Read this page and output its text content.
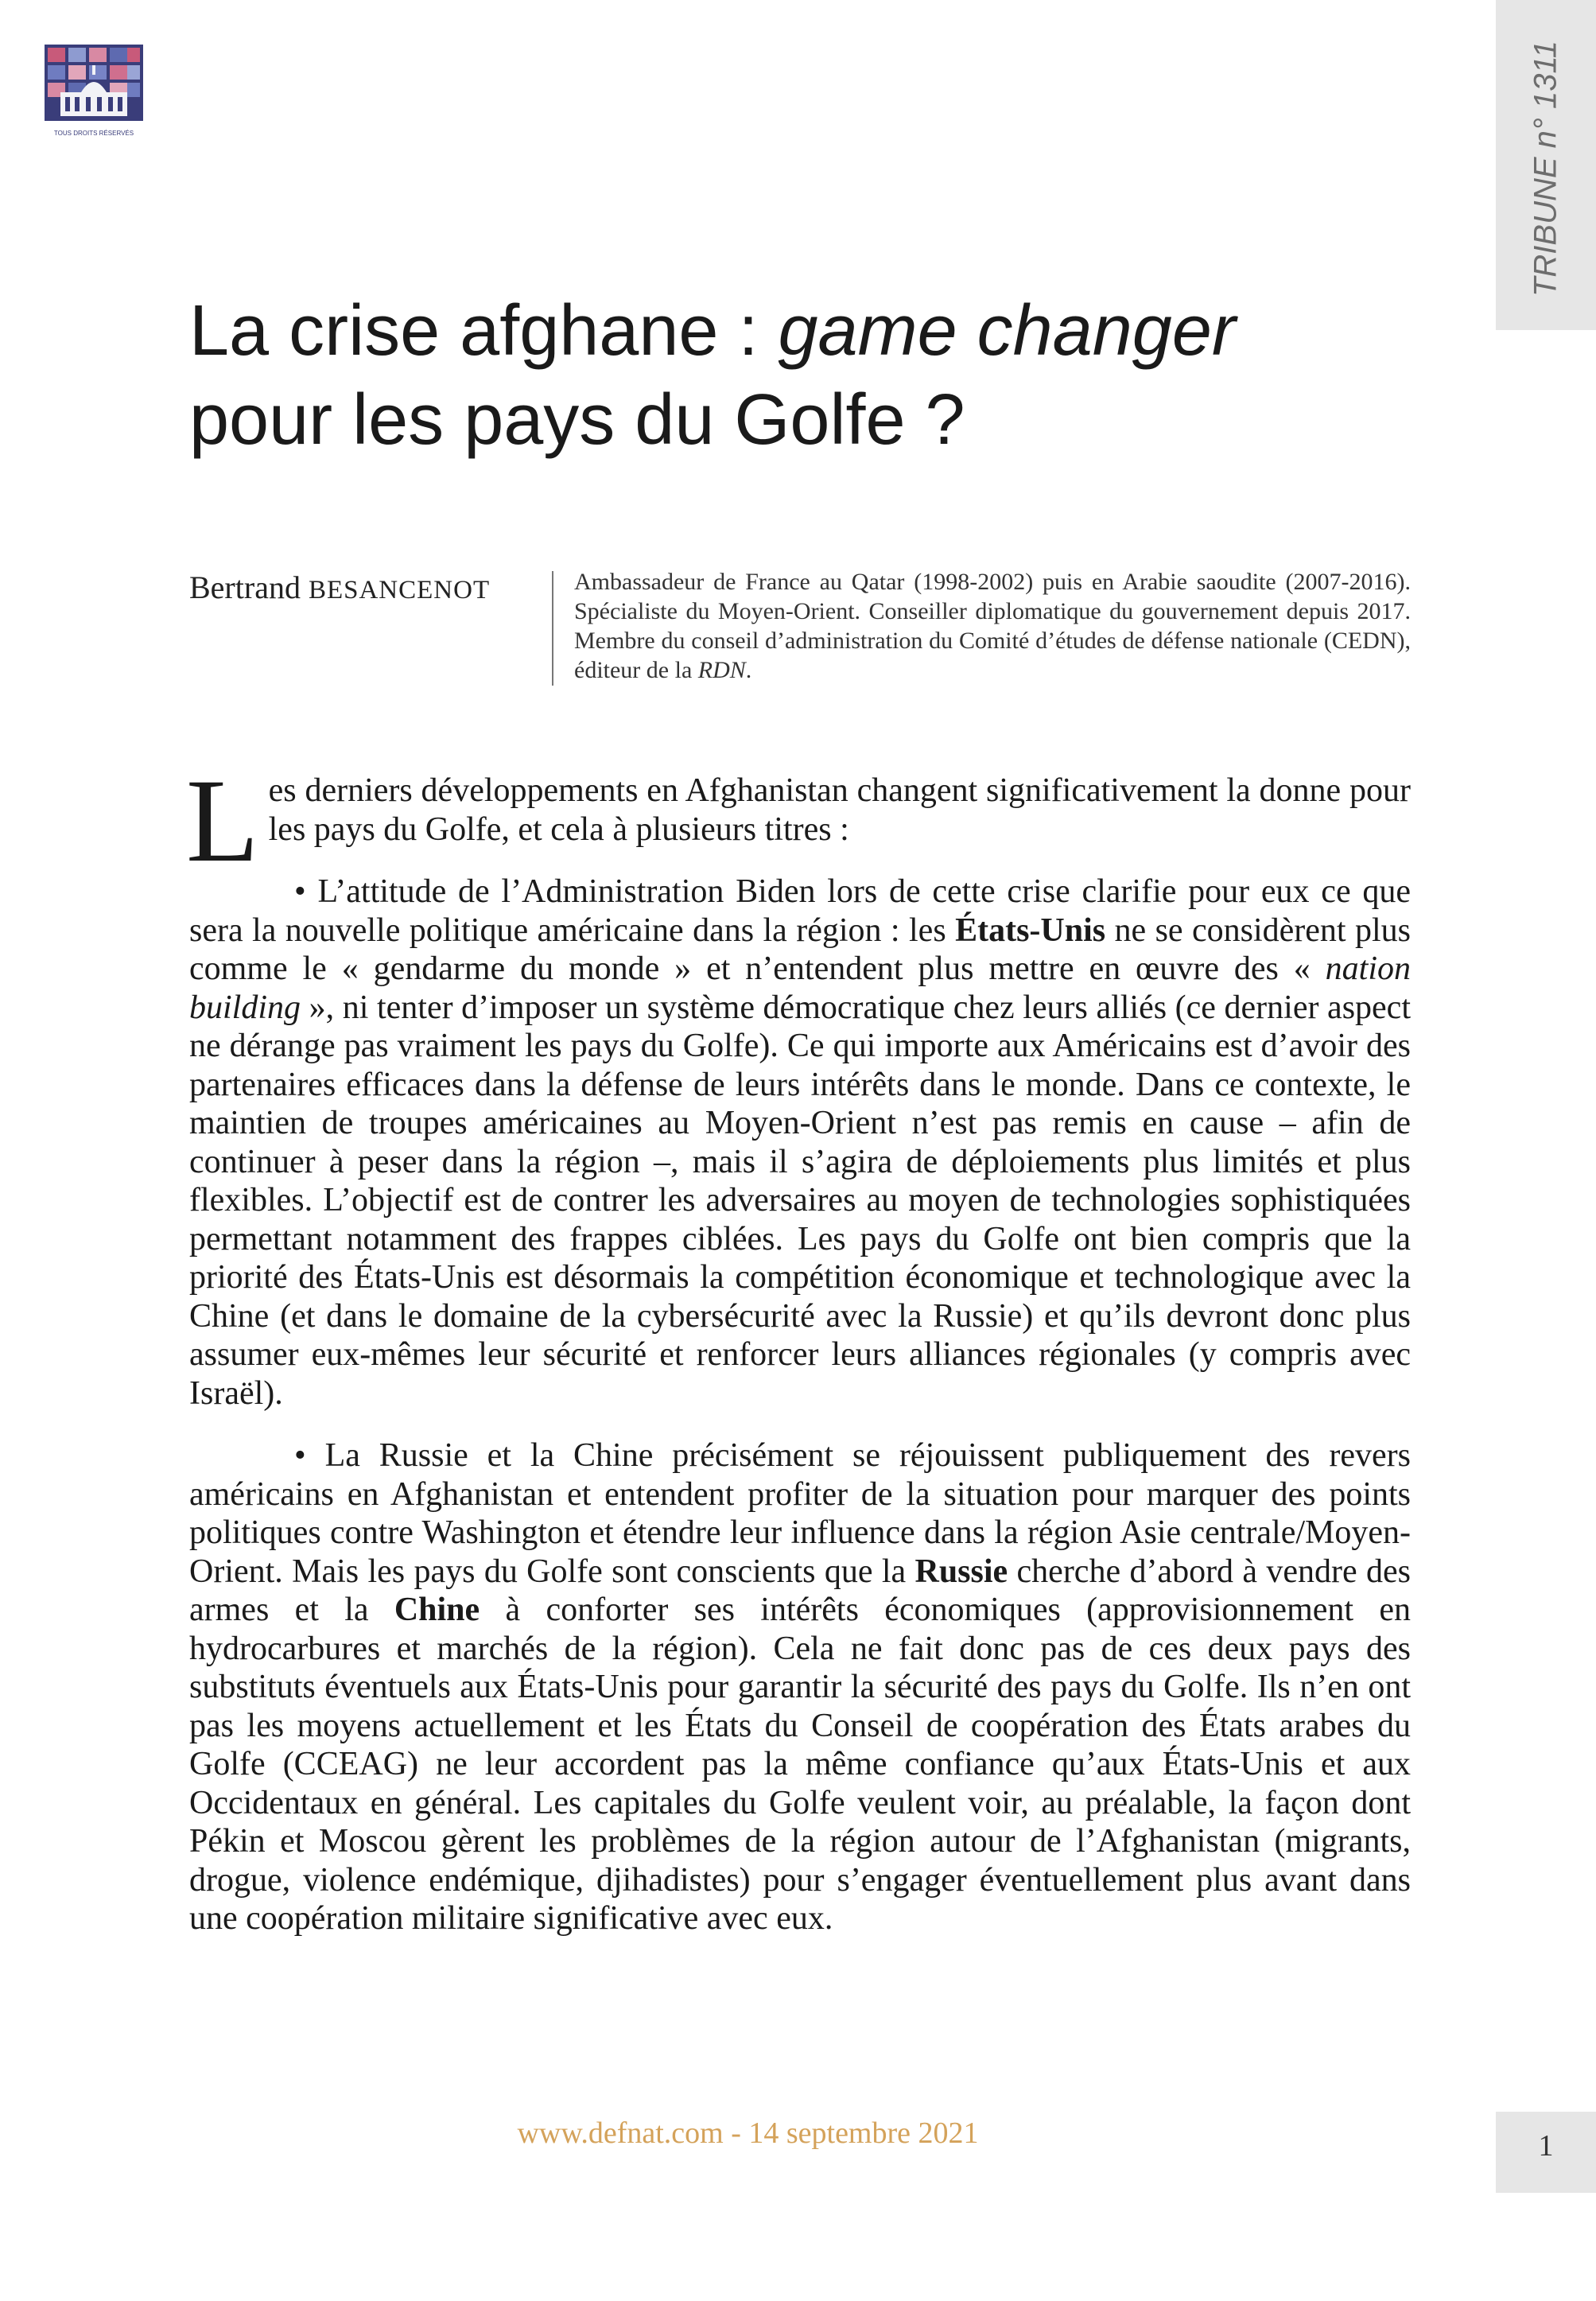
TOUS DROITS RÉSERVÉS	TRIBUNE n° 1311
La crise afghane : game changer
pour les pays du Golfe ?
Bertrand BESANCENOT	Ambassadeur de France au Qatar (1998-2002) puis en Arabie saoudite (2007-2016). Spécialiste du Moyen-Orient. Conseiller diplomatique du gouvernement depuis 2017. Membre du conseil d’administration du Comité d’études de défense nationale (CEDN), éditeur de la RDN.

Les derniers développements en Afghanistan changent significativement la donne pour les pays du Golfe, et cela à plusieurs titres :

• L’attitude de l’Administration Biden lors de cette crise clarifie pour eux ce que sera la nouvelle politique américaine dans la région : les États-Unis ne se considèrent plus comme le « gendarme du monde » et n’entendent plus mettre en œuvre des « nation building », ni tenter d’imposer un système démocratique chez leurs alliés (ce dernier aspect ne dérange pas vraiment les pays du Golfe). Ce qui importe aux Américains est d’avoir des partenaires efficaces dans la défense de leurs intérêts dans le monde. Dans ce contexte, le maintien de troupes américaines au Moyen-Orient n’est pas remis en cause – afin de continuer à peser dans la région –, mais il s’agira de déploiements plus limités et plus flexibles. L’objectif est de contrer les adversaires au moyen de technologies sophistiquées permettant notamment des frappes ciblées. Les pays du Golfe ont bien compris que la priorité des États-Unis est désormais la compétition économique et technologique avec la Chine (et dans le domaine de la cybersécurité avec la Russie) et qu’ils devront donc plus assumer eux-mêmes leur sécurité et renforcer leurs alliances régionales (y compris avec Israël).

• La Russie et la Chine précisément se réjouissent publiquement des revers américains en Afghanistan et entendent profiter de la situation pour marquer des points politiques contre Washington et étendre leur influence dans la région Asie centrale/Moyen-Orient. Mais les pays du Golfe sont conscients que la Russie cherche d’abord à vendre des armes et la Chine à conforter ses intérêts économiques (approvisionnement en hydrocarbures et marchés de la région). Cela ne fait donc pas de ces deux pays des substituts éventuels aux États-Unis pour garantir la sécurité des pays du Golfe. Ils n’en ont pas les moyens actuellement et les États du Conseil de coopération des États arabes du Golfe (CCEAG) ne leur accordent pas la même confiance qu’aux États-Unis et aux Occidentaux en général. Les capitales du Golfe veulent voir, au préalable, la façon dont Pékin et Moscou gèrent les problèmes de la région autour de l’Afghanistan (migrants, drogue, violence endémique, djihadistes) pour s’engager éventuellement plus avant dans une coopération militaire significative avec eux.

www.defnat.com - 14 septembre 2021	1
